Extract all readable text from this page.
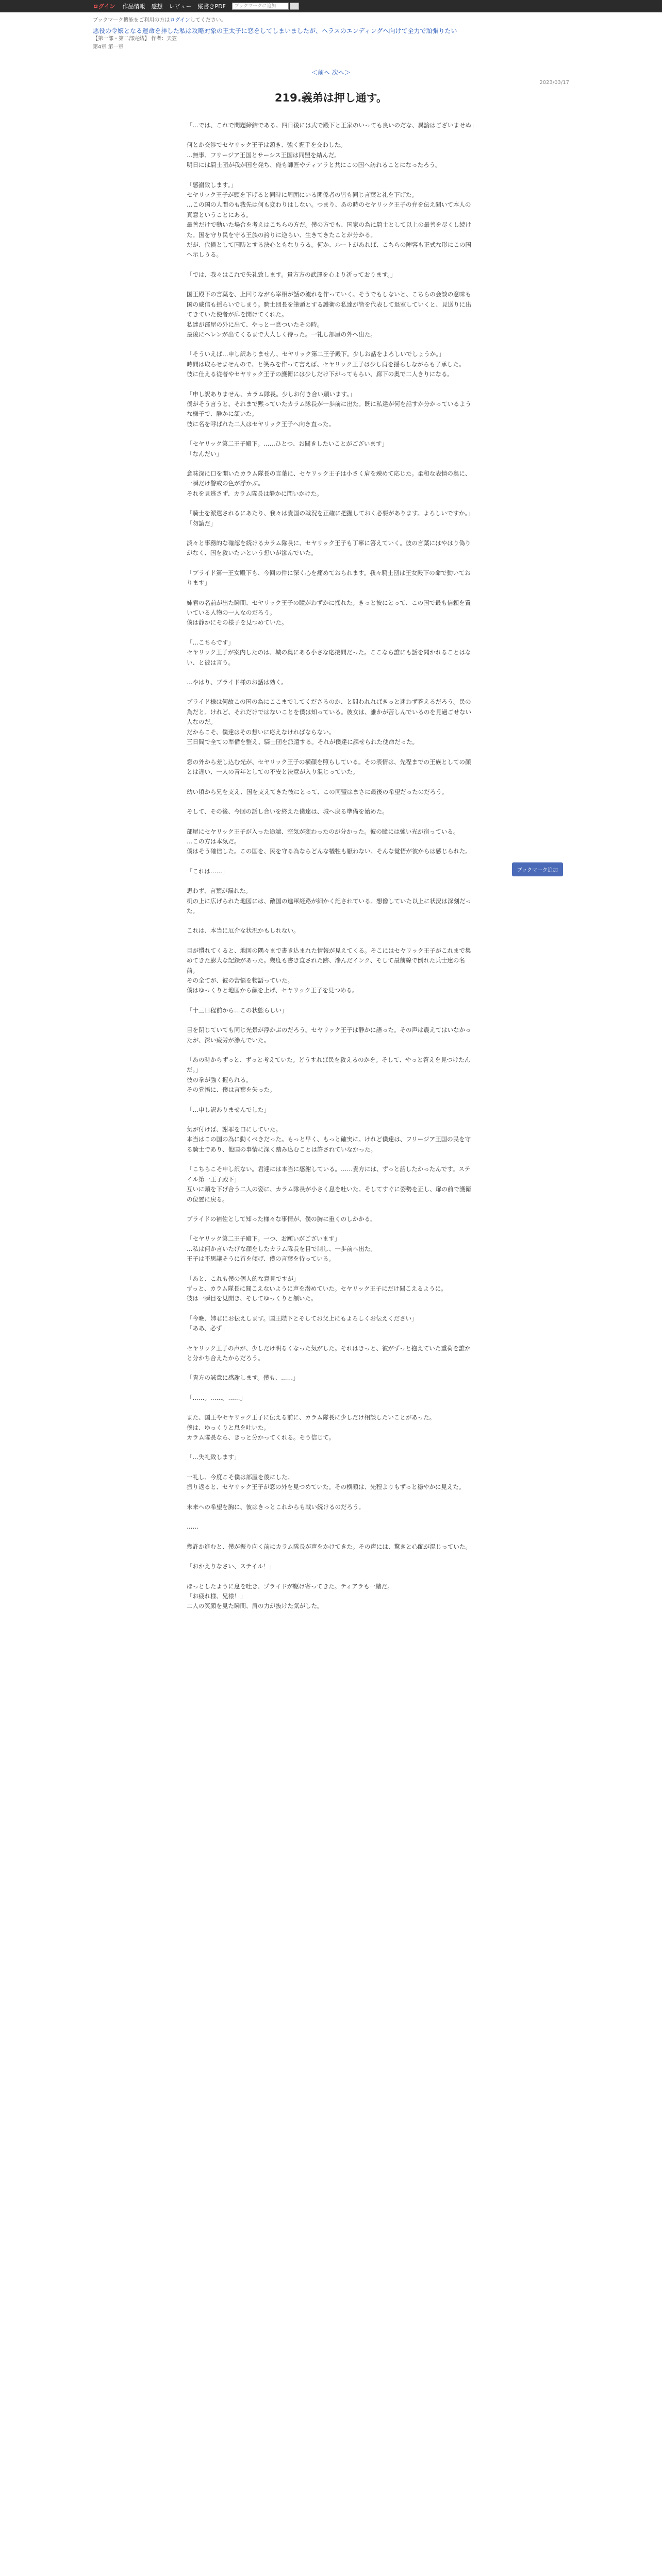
ログイン 作品情報 感想 レビュー 縦書きPDF	ブックマークに追加
ブックマーク機能をご利用の方はログインしてください。
悪役の令嬢となる運命を拝した私は攻略対象の王太子に恋をしてしまいましたが、ヘラスのエンディングへ向けて全力で頑張りたい
【第一部・第二部完結】 作者：天笠
第4章 第一章
＜前へ 次へ＞
2023/03/17
219.義弟は押し通す。

「…では、これで問題締結である。四日後には式で殿下と王家のいっても良いのだな、異論はございませぬ」

何とか交渉でセヤリック王子は頷き、強く握手を交わした。
…無事、フリージア王国とサーシス王国は同盟を結んだ。
明日には騎士団が我が国を発ち、俺も師匠やティアラと共にこの国へ訪れることになったろう。

「感謝致します。」
セヤリック王子が頭を下げると同時に周囲にいる関係者の皆も同じ言葉と礼を下げた。
…この国の人間のも我先は何も変わりはしない。つまり、あの時のセヤリック王子の弁を伝え聞いて本人の真意ということにある。
最善だけで動いた場合を考えはこちらの方だ。僕の方でも、国家の為に騎士として以上の最善を尽くし続けた。国を守り民を守る王族の誇りに逆らい、生きてきたことが分かる。
だが、代償として国防とする決心ともなりうる。何か、ルートがあれば、こちらの陣容も正式な形にこの国へ示しうる。

「では、我々はこれで失礼致します。貴方方の武運を心より祈っております。」

国王殿下の言葉を、上回りながら宰相が話の流れを作っていく。そうでもしないと、こちらの会談の意味も国の威信も揺らいでしまう。騎士団長を筆頭とする護衛の私達が皆を代表して退室していくと、見送りに出てきていた使者が扉を開けてくれた。
私達が部屋の外に出て、やっと一息ついたその時。
最後にヘレンが出てくるまで大人しく待った。一礼し部屋の外へ出た。

「そういえば…申し訳ありません、セヤリック第二王子殿下。少しお話をよろしいでしょうか。」
時間は取らせませんので、と笑みを作って言えば、セヤリック王子は少し肩を揺らしながらも了承した。
彼に仕える従者やセヤリック王子の護衛には少しだけ下がってもらい、廊下の奥で二人きりになる。

「申し訳ありません、カラム隊長。少しお付き合い願います。」
僕がそう言うと、それまで黙っていたカラム隊長が一歩前に出た。既に私達が何を話すか分かっているような様子で、静かに頷いた。
彼に名を呼ばれた二人はセヤリック王子へ向き直った。

「セヤリック第二王子殿下。……ひとつ、お聞きしたいことがございます」
「なんだい」

意味深に口を開いたカラム隊長の言葉に、セヤリック王子は小さく肩を竦めて応じた。柔和な表情の奥に、一瞬だけ警戒の色が浮かぶ。
それを見逃さず、カラム隊長は静かに問いかけた。

「騎士を派遣されるにあたり、我々は貴国の戦況を正確に把握しておく必要があります。よろしいですか。」
「勿論だ」

淡々と事務的な確認を続けるカラム隊長に、セヤリック王子も丁寧に答えていく。彼の言葉にはやはり偽りがなく、国を救いたいという想いが滲んでいた。

「プライド第一王女殿下も、今回の件に深く心を痛めておられます。我々騎士団は王女殿下の命で動いております」

姉君の名前が出た瞬間、セヤリック王子の瞳がわずかに揺れた。きっと彼にとって、この国で最も信頼を置いている人物の一人なのだろう。
僕は静かにその様子を見つめていた。

「…こちらです」
セヤリック王子が案内したのは、城の奥にある小さな応接間だった。ここなら誰にも話を聞かれることはない、と彼は言う。

…やはり、プライド様のお話は効く。

プライド様は何故この国の為にここまでしてくださるのか、と問われればきっと迷わず答えるだろう。民の為だと。けれど、それだけではないことを僕は知っている。彼女は、誰かが苦しんでいるのを見過ごせない人なのだ。
だからこそ、僕達はその想いに応えなければならない。
三日間で全ての準備を整え、騎士団を派遣する。それが僕達に課せられた使命だった。

窓の外から差し込む光が、セヤリック王子の横顔を照らしている。その表情は、先程までの王族としての顔とは違い、一人の青年としての不安と決意が入り混じっていた。

幼い頃から兄を支え、国を支えてきた彼にとって、この同盟はまさに最後の希望だったのだろう。

そして、その後、今回の話し合いを終えた僕達は、城へ戻る準備を始めた。

部屋にセヤリック王子が入った途端、空気が変わったのが分かった。彼の瞳には強い光が宿っている。
…この方は本気だ。
僕はそう確信した。この国を、民を守る為ならどんな犠牲も厭わない。そんな覚悟が彼からは感じられた。

「これは……」

思わず、言葉が漏れた。
机の上に広げられた地図には、敵国の進軍経路が細かく記されている。想像していた以上に状況は深刻だった。

これは、本当に厄介な状況かもしれない。

目が慣れてくると、地図の隅々まで書き込まれた情報が見えてくる。そこにはセヤリック王子がこれまで集めてきた膨大な記録があった。幾度も書き直された跡、滲んだインク、そして最前線で倒れた兵士達の名前。
その全てが、彼の苦悩を物語っていた。
僕はゆっくりと地図から顔を上げ、セヤリック王子を見つめる。

「十三日程前から…この状態らしい」

目を閉じていても同じ光景が浮かぶのだろう。セヤリック王子は静かに語った。その声は震えてはいなかったが、深い疲労が滲んでいた。

「あの時からずっと、ずっと考えていた。どうすれば民を救えるのかを。そして、やっと答えを見つけたんだ。」
彼の拳が強く握られる。
その覚悟に、僕は言葉を失った。

「…申し訳ありませんでした」

気が付けば、謝罪を口にしていた。
本当はこの国の為に動くべきだった。もっと早く、もっと確実に。けれど僕達は、フリージア王国の民を守る騎士であり、他国の事情に深く踏み込むことは許されていなかった。

「こちらこそ申し訳ない。君達には本当に感謝している。……貴方には、ずっと話したかったんです。ステイル第一王子殿下」
互いに頭を下げ合う二人の姿に、カラム隊長が小さく息を吐いた。そしてすぐに姿勢を正し、扉の前で護衛の位置に戻る。

プライドの補佐として知った様々な事情が、僕の胸に重くのしかかる。

「セヤリック第二王子殿下。一つ、お願いがございます」
…私は何か言いたげな顔をしたカラム隊長を目で制し、一歩前へ出た。
王子は不思議そうに首を傾げ、僕の言葉を待っている。

「あと、これも僕の個人的な意見ですが」
ずっと、カラム隊長に聞こえないように声を潜めていた。セヤリック王子にだけ聞こえるように。
彼は一瞬目を見開き、そしてゆっくりと頷いた。

「今晩、姉君にお伝えします。国王陛下とそしてお父上にもよろしくお伝えください」
「ああ、必ず」

セヤリック王子の声が、少しだけ明るくなった気がした。それはきっと、彼がずっと抱えていた重荷を誰かと分かち合えたからだろう。

「貴方の誠意に感謝します。僕も、……」

「……。……。……」

また、国王やセヤリック王子に伝える前に、カラム隊長に少しだけ相談したいことがあった。
僕は、ゆっくりと息を吐いた。
カラム隊長なら、きっと分かってくれる。そう信じて。

「…失礼致します」

一礼し、今度こそ僕は部屋を後にした。
振り返ると、セヤリック王子が窓の外を見つめていた。その横顔は、先程よりもずっと穏やかに見えた。

未来への希望を胸に、彼はきっとこれからも戦い続けるのだろう。

……

幾許か進むと、僕が振り向く前にカラム隊長が声をかけてきた。その声には、驚きと心配が混じっていた。

「おかえりなさい、ステイル！」

ほっとしたように息を吐き、プライドが駆け寄ってきた。ティアラも一緒だ。
「お疲れ様、兄様！」
二人の笑顔を見た瞬間、肩の力が抜けた気がした。

ブックマーク追加
